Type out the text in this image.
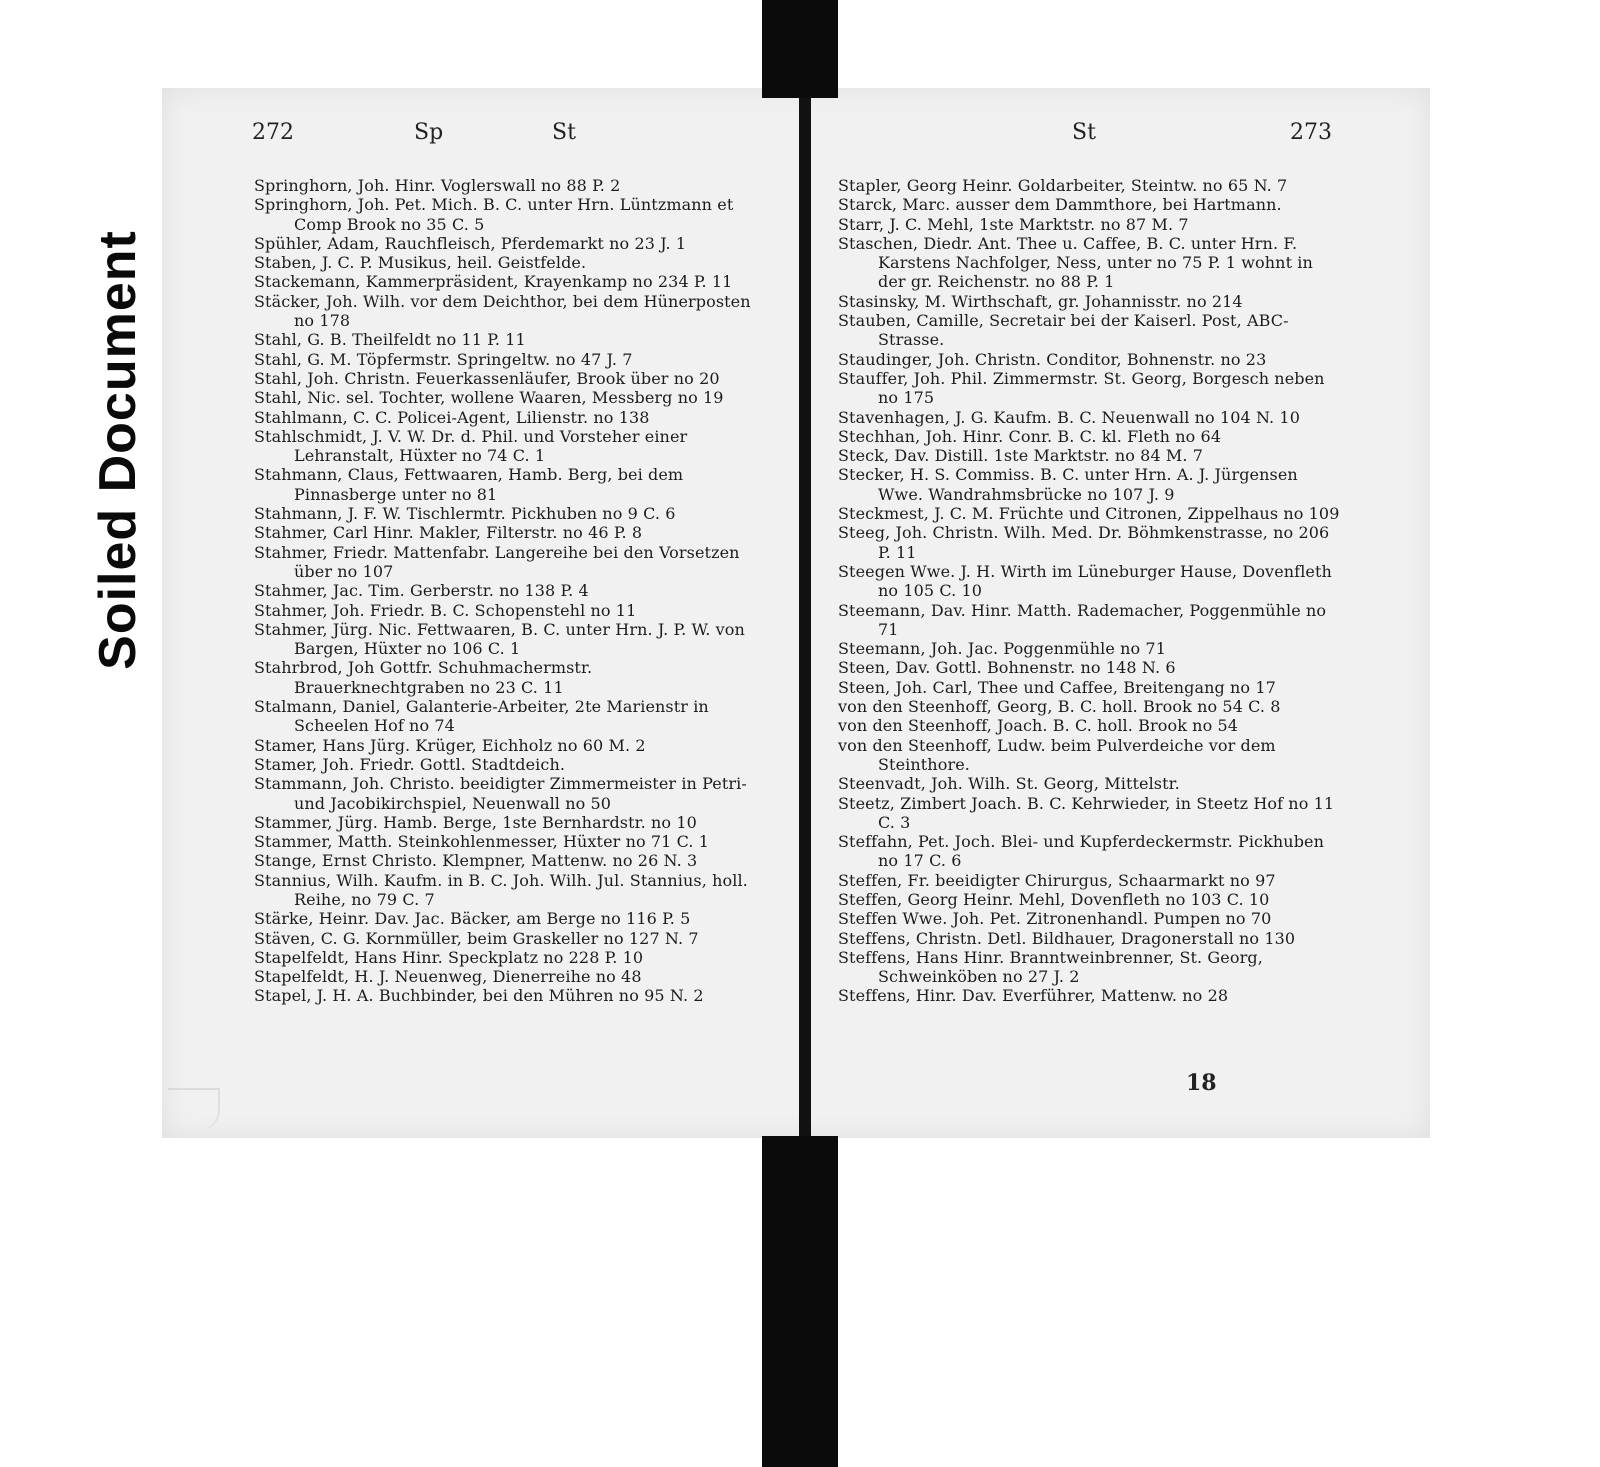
Soiled Document
272	Sp	St
Springhorn, Joh. Hinr. Voglerswall no 88 P. 2
Springhorn, Joh. Pet. Mich. B. C. unter Hrn. Lüntzmann et Comp Brook no 35 C. 5
Spühler, Adam, Rauchfleisch, Pferdemarkt no 23 J. 1
Staben, J. C. P. Musikus, heil. Geistfelde.
Stackemann, Kammerpräsident, Krayenkamp no 234 P. 11
Stäcker, Joh. Wilh. vor dem Deichthor, bei dem Hünerposten no 178
Stahl, G. B. Theilfeldt no 11 P. 11
Stahl, G. M. Töpfermstr. Springeltw. no 47 J. 7
Stahl, Joh. Christn. Feuerkassenläufer, Brook über no 20
Stahl, Nic. sel. Tochter, wollene Waaren, Messberg no 19
Stahlmann, C. C. Policei-Agent, Lilienstr. no 138
Stahlschmidt, J. V. W. Dr. d. Phil. und Vorsteher einer Lehranstalt, Hüxter no 74 C. 1
Stahmann, Claus, Fettwaaren, Hamb. Berg, bei dem Pinnasberge unter no 81
Stahmann, J. F. W. Tischlermtr. Pickhuben no 9 C. 6
Stahmer, Carl Hinr. Makler, Filterstr. no 46 P. 8
Stahmer, Friedr. Mattenfabr. Langereihe bei den Vorsetzen über no 107
Stahmer, Jac. Tim. Gerberstr. no 138 P. 4
Stahmer, Joh. Friedr. B. C. Schopenstehl no 11
Stahmer, Jürg. Nic. Fettwaaren, B. C. unter Hrn. J. P. W. von Bargen, Hüxter no 106 C. 1
Stahrbrod, Joh Gottfr. Schuhmachermstr. Brauerknechtgraben no 23 C. 11
Stalmann, Daniel, Galanterie-Arbeiter, 2te Marienstr in Scheelen Hof no 74
Stamer, Hans Jürg. Krüger, Eichholz no 60 M. 2
Stamer, Joh. Friedr. Gottl. Stadtdeich.
Stammann, Joh. Christo. beeidigter Zimmermeister in Petri- und Jacobikirchspiel, Neuenwall no 50
Stammer, Jürg. Hamb. Berge, 1ste Bernhardstr. no 10
Stammer, Matth. Steinkohlenmesser, Hüxter no 71 C. 1
Stange, Ernst Christo. Klempner, Mattenw. no 26 N. 3
Stannius, Wilh. Kaufm. in B. C. Joh. Wilh. Jul. Stannius, holl. Reihe, no 79 C. 7
Stärke, Heinr. Dav. Jac. Bäcker, am Berge no 116 P. 5
Stäven, C. G. Kornmüller, beim Graskeller no 127 N. 7
Stapelfeldt, Hans Hinr. Speckplatz no 228 P. 10
Stapelfeldt, H. J. Neuenweg, Dienerreihe no 48
Stapel, J. H. A. Buchbinder, bei den Mühren no 95 N. 2
St	273
Stapler, Georg Heinr. Goldarbeiter, Steintw. no 65 N. 7
Starck, Marc. ausser dem Dammthore, bei Hartmann.
Starr, J. C. Mehl, 1ste Marktstr. no 87 M. 7
Staschen, Diedr. Ant. Thee u. Caffee, B. C. unter Hrn. F. Karstens Nachfolger, Ness, unter no 75 P. 1 wohnt in der gr. Reichenstr. no 88 P. 1
Stasinsky, M. Wirthschaft, gr. Johannisstr. no 214
Stauben, Camille, Secretair bei der Kaiserl. Post, ABC-Strasse.
Staudinger, Joh. Christn. Conditor, Bohnenstr. no 23
Stauffer, Joh. Phil. Zimmermstr. St. Georg, Borgesch neben no 175
Stavenhagen, J. G. Kaufm. B. C. Neuenwall no 104 N. 10
Stechhan, Joh. Hinr. Conr. B. C. kl. Fleth no 64
Steck, Dav. Distill. 1ste Marktstr. no 84 M. 7
Stecker, H. S. Commiss. B. C. unter Hrn. A. J. Jürgensen Wwe. Wandrahmsbrücke no 107 J. 9
Steckmest, J. C. M. Früchte und Citronen, Zippelhaus no 109
Steeg, Joh. Christn. Wilh. Med. Dr. Böhmkenstrasse, no 206 P. 11
Steegen Wwe. J. H. Wirth im Lüneburger Hause, Dovenfleth no 105 C. 10
Steemann, Dav. Hinr. Matth. Rademacher, Poggenmühle no 71
Steemann, Joh. Jac. Poggenmühle no 71
Steen, Dav. Gottl. Bohnenstr. no 148 N. 6
Steen, Joh. Carl, Thee und Caffee, Breitengang no 17
von den Steenhoff, Georg, B. C. holl. Brook no 54 C. 8
von den Steenhoff, Joach. B. C. holl. Brook no 54
von den Steenhoff, Ludw. beim Pulverdeiche vor dem Steinthore.
Steenvadt, Joh. Wilh. St. Georg, Mittelstr.
Steetz, Zimbert Joach. B. C. Kehrwieder, in Steetz Hof no 11 C. 3
Steffahn, Pet. Joch. Blei- und Kupferdeckermstr. Pickhuben no 17 C. 6
Steffen, Fr. beeidigter Chirurgus, Schaarmarkt no 97
Steffen, Georg Heinr. Mehl, Dovenfleth no 103 C. 10
Steffen Wwe. Joh. Pet. Zitronenhandl. Pumpen no 70
Steffens, Christn. Detl. Bildhauer, Dragonerstall no 130
Steffens, Hans Hinr. Branntweinbrenner, St. Georg, Schweinköben no 27 J. 2
Steffens, Hinr. Dav. Everführer, Mattenw. no 28
18
